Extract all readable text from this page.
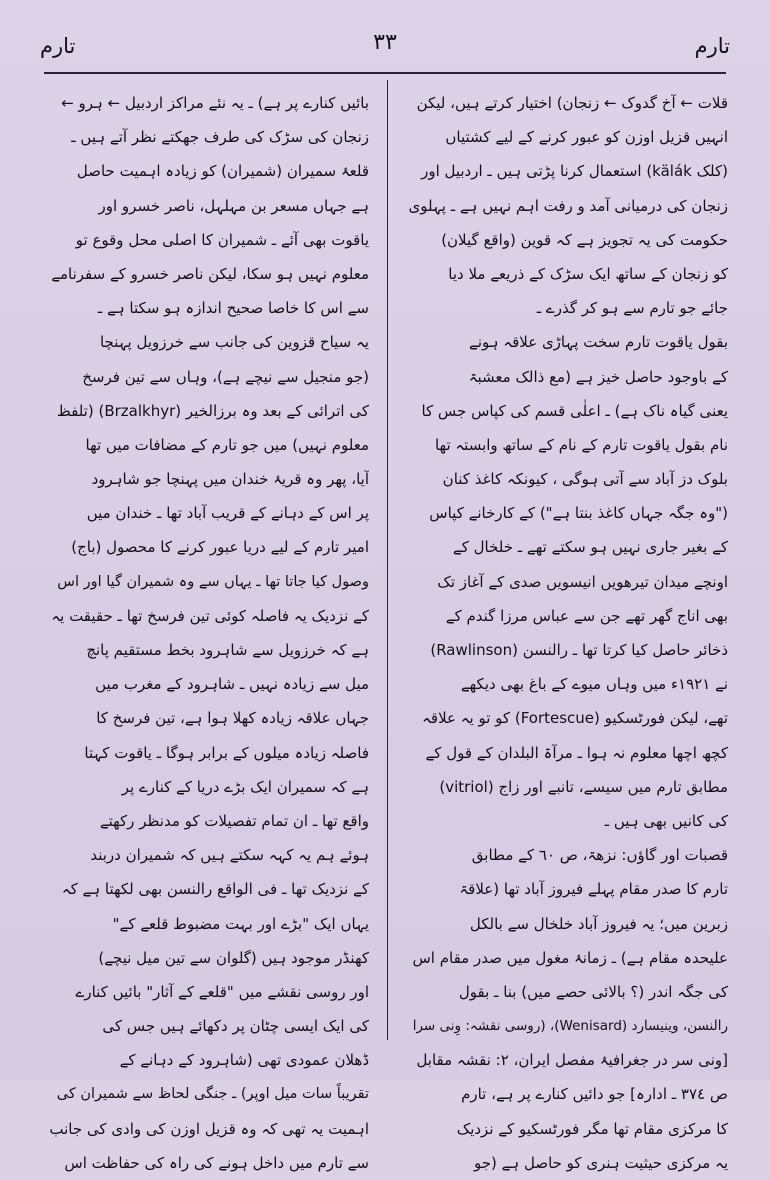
تارم
٣٣
تارم
قلات ← آخ گدوک ← زنجان) اختیار کرتے ہیں، لیکن
انہیں قزیل اوزن کو عبور کرنے کے لیے کشتیاں
(کلک kälák) استعمال کرنا پڑتی ہیں ـ اردبیل اور
زنجان کی درمیانی آمد و رفت اہم نہیں ہے ـ پہلوی
حکومت کی یہ تجویز ہے کہ قوین (واقع گیلان)
کو زنجان کے ساتھ ایک سڑک کے ذریعے ملا دیا
جائے جو تارم سے ہو کر گذرے ـ
بقول یاقوت تارم سخت پہاڑی علاقہ ہونے
کے باوجود حاصل خیز ہے (مع ذالک معشبۃ
یعنی گیاہ ناک ہے) ـ اعلٰی قسم کی کپاس جس کا
نام بقول یاقوت تارم کے نام کے ساتھ وابستہ تھا
بلوک دز آباد سے آتی ہوگی ، کیونکہ کاغذ کنان
("وہ جگہ جہاں کاغذ بنتا ہے") کے کارخانے کپاس
کے بغیر جاری نہیں ہو سکتے تھے ـ خلخال کے
اونچے میدان تیرھویں انیسویں صدی کے آغاز تک
بھی اناج گھر تھے جن سے عباس مرزا گندم کے
ذخائر حاصل کیا کرتا تھا ـ رالنسن (Rawlinson)
نے ١٩٢١ء میں وہاں میوے کے باغ بھی دیکھے
تھے، لیکن فورٹسکیو (Fortescue) کو تو یہ علاقہ
کچھ اچھا معلوم نہ ہوا ـ مرآۃ البلدان کے قول کے
مطابق تارم میں سیسے، تانبے اور زاج (vitriol)
کی کانیں بھی ہیں ـ
قصبات اور گاؤں: نزھۃ، ص ٦٠ کے مطابق
تارم کا صدر مقام پہلے فیروز آباد تھا (علاقۃ
زبرین میں؛ یہ فیروز آباد خلخال سے بالکل
علیحدہ مقام ہے) ـ زمانۂ مغول میں صدر مقام اس
کی جگہ اندر (؟ بالائی حصے میں) بنا ـ بقول
رالنسن، وینیسارد (Wenisard)، (روسی نقشہ: وِنی سرا
[ونی سر در جغرافیۂ مفصل ایران، ٢: نقشہ مقابل
ص ٣٧٤ ـ ادارہ] جو دائیں کنارے پر ہے، تارم
کا مرکزی مقام تھا مگر فورٹسکیو کے نزدیک
یہ مرکزی حیثیت ہنری کو حاصل ہے (جو
بائیں کنارے پر ہے) ـ یہ نئے مراکز اردبیل ← ہرو ←
زنجان کی سڑک کی طرف جھکتے نظر آتے ہیں ـ
قلعۂ سمیران (شمیران) کو زیادہ اہمیت حاصل
ہے جہاں مسعر بن مہلہل، ناصر خسرو اور
یاقوت بھی آئے ـ شمیران کا اصلی محل وقوع تو
معلوم نہیں ہو سکا، لیکن ناصر خسرو کے سفرنامے
سے اس کا خاصا صحیح اندازہ ہو سکتا ہے ـ
یہ سیاح قزوین کی جانب سے خرزویل پہنچا
(جو منجیل سے نیچے ہے)، وہاں سے تین فرسخ
کی اترائی کے بعد وہ برزالخیر (Brzalkhyr) (تلفظ
معلوم نہیں) میں جو تارم کے مضافات میں تھا
آیا، پھر وہ قریۂ خندان میں پہنچا جو شاہرود
پر اس کے دہانے کے قریب آباد تھا ـ خندان میں
امیر تارم کے لیے دریا عبور کرنے کا محصول (باج)
وصول کیا جاتا تھا ـ یہاں سے وہ شمیران گیا اور اس
کے نزدیک یہ فاصلہ کوئی تین فرسخ تھا ـ حقیقت یہ
ہے کہ خرزویل سے شاہرود بخط مستقیم پانچ
میل سے زیادہ نہیں ـ شاہرود کے مغرب میں
جہاں علاقہ زیادہ کھلا ہوا ہے، تین فرسخ کا
فاصلہ زیادہ میلوں کے برابر ہوگا ـ یاقوت کہتا
ہے کہ سمیران ایک بڑے دریا کے کنارے پر
واقع تھا ـ ان تمام تفصیلات کو مدنظر رکھتے
ہوئے ہم یہ کہہ سکتے ہیں کہ شمیران دربند
کے نزدیک تھا ـ فی الواقع رالنسن بھی لکھتا ہے کہ
یہاں ایک "بڑے اور بہت مضبوط قلعے کے"
کھنڈر موجود ہیں (گلوان سے تین میل نیچے)
اور روسی نقشے میں "قلعے کے آثار" بائیں کنارے
کی ایک ایسی چٹان پر دکھائے ہیں جس کی
ڈھلان عمودی تھی (شاہرود کے دہانے کے
تقریباً سات میل اوپر) ـ جنگی لحاظ سے شمیران کی
اہمیت یہ تھی کہ وہ قزیل اوزن کی وادی کی جانب
سے تارم میں داخل ہونے کی راہ کی حفاظت اس
